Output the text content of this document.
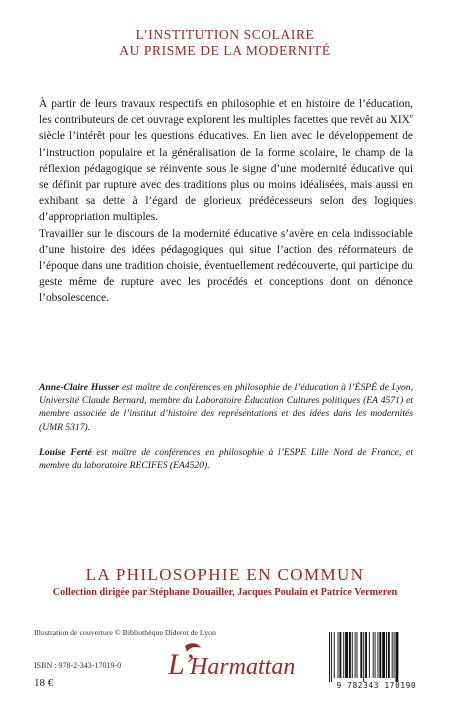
L’INSTITUTION SCOLAIRE
AU PRISME DE LA MODERNITÉ

À partir de leurs travaux respectifs en philosophie et en histoire de l’éducation, les contributeurs de cet ouvrage explorent les multiples facettes que revêt au XIXe siècle l’intérêt pour les questions éducatives. En lien avec le développement de l’instruction populaire et la généralisation de la forme scolaire, le champ de la réflexion pédagogique se réinvente sous le signe d’une modernité éducative qui se définit par rupture avec des traditions plus ou moins idéalisées, mais aussi en exhibant sa dette à l’égard de glorieux prédécesseurs selon des logiques d’appropriation multiples.

Travailler sur le discours de la modernité éducative s’avère en cela indissociable d’une histoire des idées pédagogiques qui situe l’action des réformateurs de l’époque dans une tradition choisie, éventuellement redécouverte, qui participe du geste même de rupture avec les procédés et conceptions dont on dénonce l’obsolescence.

Anne-Claire Husser est maître de conférences en philosophie de l’éducation à l’ÉSPÉ de Lyon, Université Claude Bernard, membre du Laboratoire Éducation Cultures politiques (EA 4571) et membre associée de l’institut d’histoire des représentations et des idées dans les modernités (UMR 5317).
Louise Ferté est maître de conférences en philosophie à l’ESPE Lille Nord de France, et membre du laboratoire RECIFES (EA4520).
LA PHILOSOPHIE EN COMMUN
Collection dirigée par Stéphane Douailler, Jacques Poulain et Patrice Vermeren
Illustration de couverture © Bibliothèque Diderot de Lyon
ISBN : 978-2-343-17019-0
18 €
L’
Harmattan
9 782343 170190
